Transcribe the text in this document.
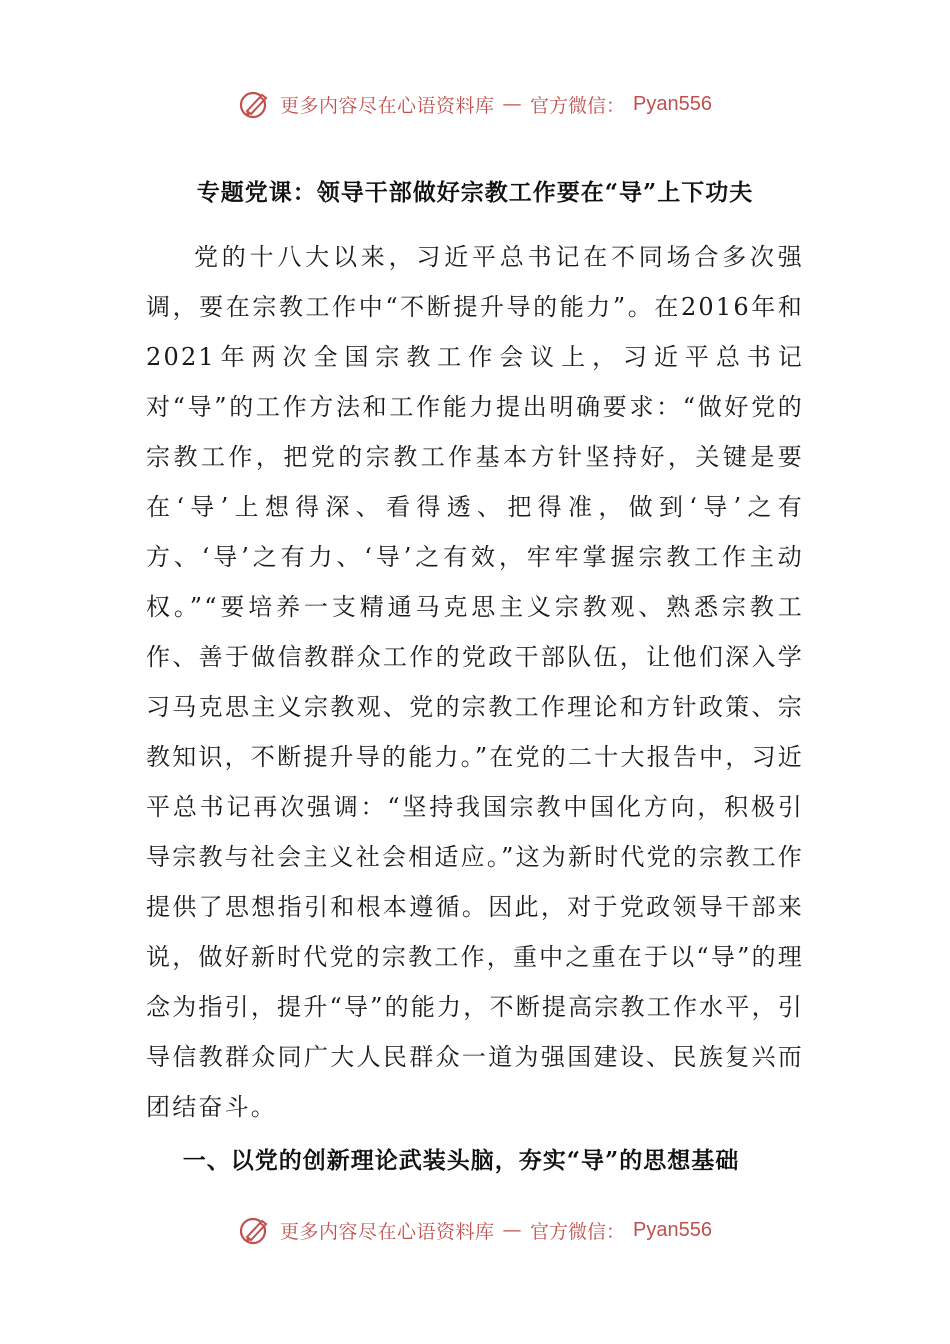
更多内容尽在心语资料库 — 官方微信： Pyan556
专题党课：领导干部做好宗教工作要在“导”上下功夫

党的十八大以来，习近平总书记在不同场合多次强调，要在宗教工作中“不断提升导的能力”。在2016年和2021年两次全国宗教工作会议上，习近平总书记对“导”的工作方法和工作能力提出明确要求：“做好党的宗教工作，把党的宗教工作基本方针坚持好，关键是要在‘导’上想得深、看得透、把得准，做到‘导’之有方、‘导’之有力、‘导’之有效，牢牢掌握宗教工作主动权。”“要培养一支精通马克思主义宗教观、熟悉宗教工作、善于做信教群众工作的党政干部队伍，让他们深入学习马克思主义宗教观、党的宗教工作理论和方针政策、宗教知识，不断提升导的能力。”在党的二十大报告中，习近平总书记再次强调：“坚持我国宗教中国化方向，积极引导宗教与社会主义社会相适应。”这为新时代党的宗教工作提供了思想指引和根本遵循。因此，对于党政领导干部来说，做好新时代党的宗教工作，重中之重在于以“导”的理念为指引，提升“导”的能力，不断提高宗教工作水平，引导信教群众同广大人民群众一道为强国建设、民族复兴而团结奋斗。

一、以党的创新理论武装头脑，夯实“导”的思想基础

更多内容尽在心语资料库 — 官方微信： Pyan556
